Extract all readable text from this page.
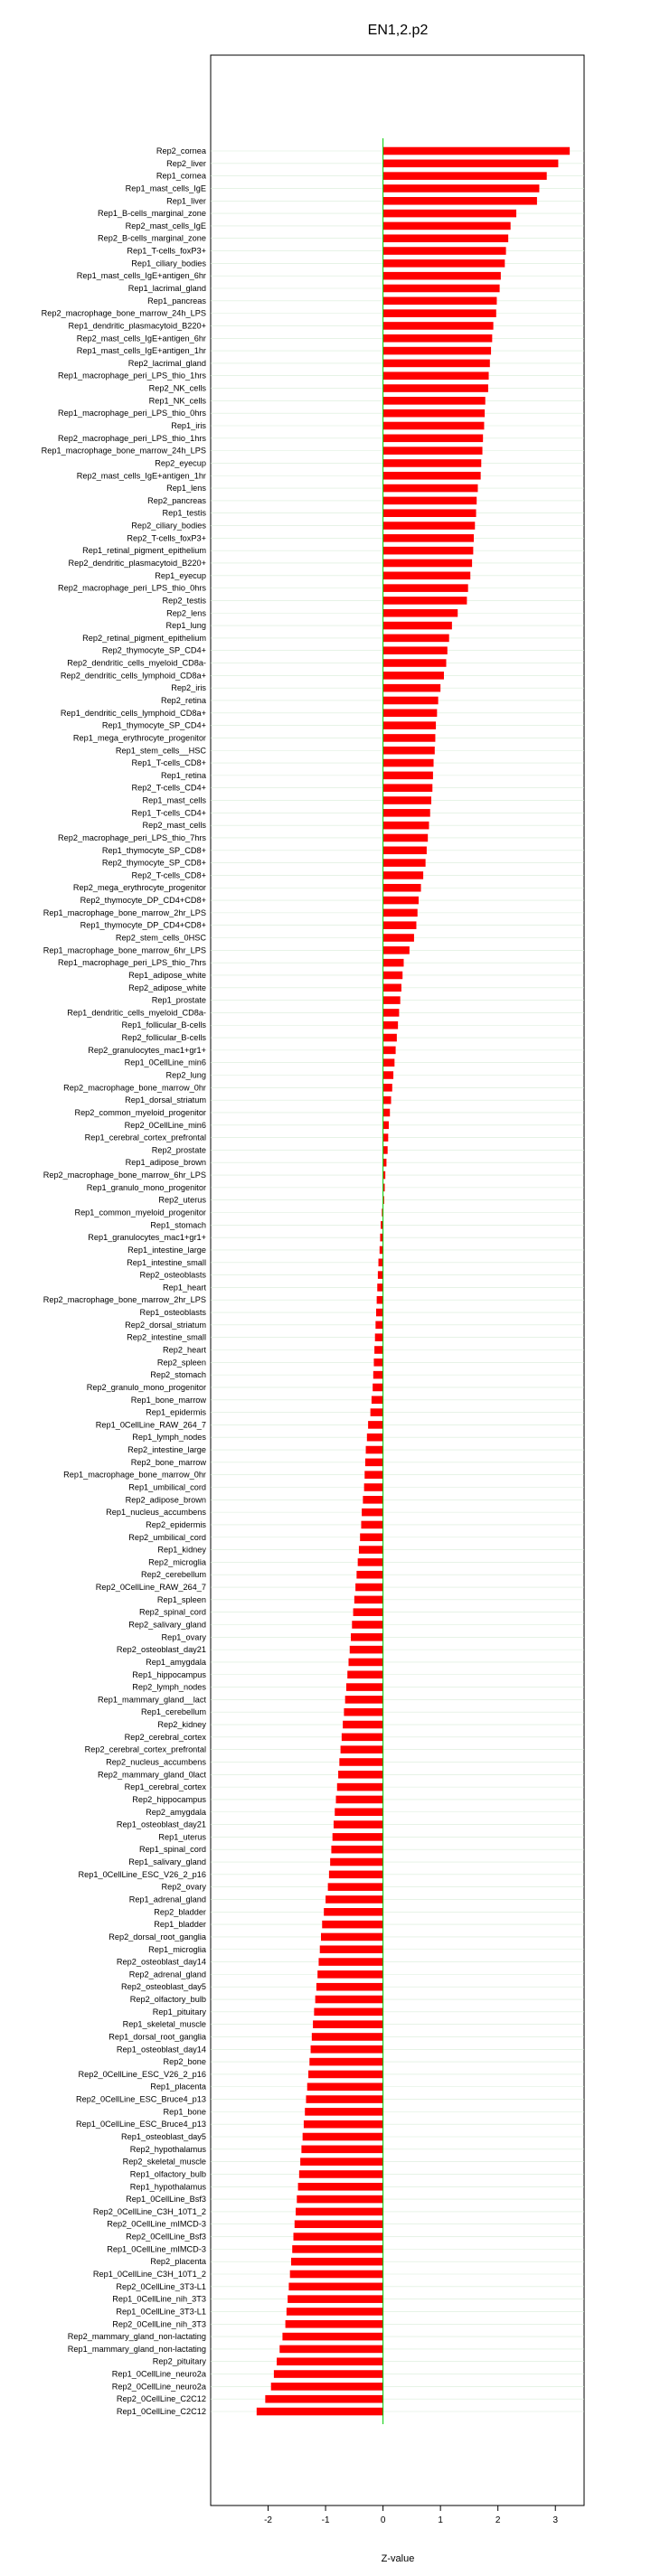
Rep2_cornea
Rep2_liver
Rep1_cornea
Rep1_mast_cells_IgE
Rep1_liver
Rep1_B-cells_marginal_zone
Rep2_mast_cells_IgE
Rep2_B-cells_marginal_zone
Rep1_T-cells_foxP3+
Rep1_ciliary_bodies
Rep1_mast_cells_IgE+antigen_6hr
Rep1_lacrimal_gland
Rep1_pancreas
Rep2_macrophage_bone_marrow_24h_LPS
Rep1_dendritic_plasmacytoid_B220+
Rep2_mast_cells_IgE+antigen_6hr
Rep1_mast_cells_IgE+antigen_1hr
Rep2_lacrimal_gland
Rep1_macrophage_peri_LPS_thio_1hrs
Rep2_NK_cells
Rep1_NK_cells
Rep1_macrophage_peri_LPS_thio_0hrs
Rep1_iris
Rep2_macrophage_peri_LPS_thio_1hrs
Rep1_macrophage_bone_marrow_24h_LPS
Rep2_eyecup
Rep2_mast_cells_IgE+antigen_1hr
Rep1_lens
Rep2_pancreas
Rep1_testis
Rep2_ciliary_bodies
Rep2_T-cells_foxP3+
Rep1_retinal_pigment_epithelium
Rep2_dendritic_plasmacytoid_B220+
Rep1_eyecup
Rep2_macrophage_peri_LPS_thio_0hrs
Rep2_testis
Rep2_lens
Rep1_lung
Rep2_retinal_pigment_epithelium
Rep2_thymocyte_SP_CD4+
Rep2_dendritic_cells_myeloid_CD8a-
Rep2_dendritic_cells_lymphoid_CD8a+
Rep2_iris
Rep2_retina
Rep1_dendritic_cells_lymphoid_CD8a+
Rep1_thymocyte_SP_CD4+
Rep1_mega_erythrocyte_progenitor
Rep1_stem_cells__HSC
Rep1_T-cells_CD8+
Rep1_retina
Rep2_T-cells_CD4+
Rep1_mast_cells
Rep1_T-cells_CD4+
Rep2_mast_cells
Rep2_macrophage_peri_LPS_thio_7hrs
Rep1_thymocyte_SP_CD8+
Rep2_thymocyte_SP_CD8+
Rep2_T-cells_CD8+
Rep2_mega_erythrocyte_progenitor
Rep2_thymocyte_DP_CD4+CD8+
Rep1_macrophage_bone_marrow_2hr_LPS
Rep1_thymocyte_DP_CD4+CD8+
Rep2_stem_cells_0HSC
Rep1_macrophage_bone_marrow_6hr_LPS
Rep1_macrophage_peri_LPS_thio_7hrs
Rep1_adipose_white
Rep2_adipose_white
Rep1_prostate
Rep1_dendritic_cells_myeloid_CD8a-
Rep1_follicular_B-cells
Rep2_follicular_B-cells
Rep2_granulocytes_mac1+gr1+
Rep1_0CellLine_min6
Rep2_lung
Rep2_macrophage_bone_marrow_0hr
Rep1_dorsal_striatum
Rep2_common_myeloid_progenitor
Rep2_0CellLine_min6
Rep1_cerebral_cortex_prefrontal
Rep2_prostate
Rep1_adipose_brown
Rep2_macrophage_bone_marrow_6hr_LPS
Rep1_granulo_mono_progenitor
Rep2_uterus
Rep1_common_myeloid_progenitor
Rep1_stomach
Rep1_granulocytes_mac1+gr1+
Rep1_intestine_large
Rep1_intestine_small
Rep2_osteoblasts
Rep1_heart
Rep2_macrophage_bone_marrow_2hr_LPS
Rep1_osteoblasts
Rep2_dorsal_striatum
Rep2_intestine_small
Rep2_heart
Rep2_spleen
Rep2_stomach
Rep2_granulo_mono_progenitor
Rep1_bone_marrow
Rep1_epidermis
Rep1_0CellLine_RAW_264_7
Rep1_lymph_nodes
Rep2_intestine_large
Rep2_bone_marrow
Rep1_macrophage_bone_marrow_0hr
Rep1_umbilical_cord
Rep2_adipose_brown
Rep1_nucleus_accumbens
Rep2_epidermis
Rep2_umbilical_cord
Rep1_kidney
Rep2_microglia
Rep2_cerebellum
Rep2_0CellLine_RAW_264_7
Rep1_spleen
Rep2_spinal_cord
Rep2_salivary_gland
Rep1_ovary
Rep2_osteoblast_day21
Rep1_amygdala
Rep1_hippocampus
Rep2_lymph_nodes
Rep1_mammary_gland__lact
Rep1_cerebellum
Rep2_kidney
Rep2_cerebral_cortex
Rep2_cerebral_cortex_prefrontal
Rep2_nucleus_accumbens
Rep2_mammary_gland_0lact
Rep1_cerebral_cortex
Rep2_hippocampus
Rep2_amygdala
Rep1_osteoblast_day21
Rep1_uterus
Rep1_spinal_cord
Rep1_salivary_gland
Rep1_0CellLine_ESC_V26_2_p16
Rep2_ovary
Rep1_adrenal_gland
Rep2_bladder
Rep1_bladder
Rep2_dorsal_root_ganglia
Rep1_microglia
Rep2_osteoblast_day14
Rep2_adrenal_gland
Rep2_osteoblast_day5
Rep2_olfactory_bulb
Rep1_pituitary
Rep1_skeletal_muscle
Rep1_dorsal_root_ganglia
Rep1_osteoblast_day14
Rep2_bone
Rep2_0CellLine_ESC_V26_2_p16
Rep1_placenta
Rep2_0CellLine_ESC_Bruce4_p13
Rep1_bone
Rep1_0CellLine_ESC_Bruce4_p13
Rep1_osteoblast_day5
Rep2_hypothalamus
Rep2_skeletal_muscle
Rep1_olfactory_bulb
Rep1_hypothalamus
Rep1_0CellLine_Bsf3
Rep2_0CellLine_C3H_10T1_2
Rep2_0CellLine_mIMCD-3
Rep2_0CellLine_Bsf3
Rep1_0CellLine_mIMCD-3
Rep2_placenta
Rep1_0CellLine_C3H_10T1_2
Rep2_0CellLine_3T3-L1
Rep1_0CellLine_nih_3T3
Rep1_0CellLine_3T3-L1
Rep2_0CellLine_nih_3T3
Rep2_mammary_gland_non-lactating
Rep1_mammary_gland_non-lactating
Rep2_pituitary
Rep1_0CellLine_neuro2a
Rep2_0CellLine_neuro2a
Rep2_0CellLine_C2C12
Rep1_0CellLine_C2C12
-2	-1	0	1	2	3
EN1,2.p2
Z-value
